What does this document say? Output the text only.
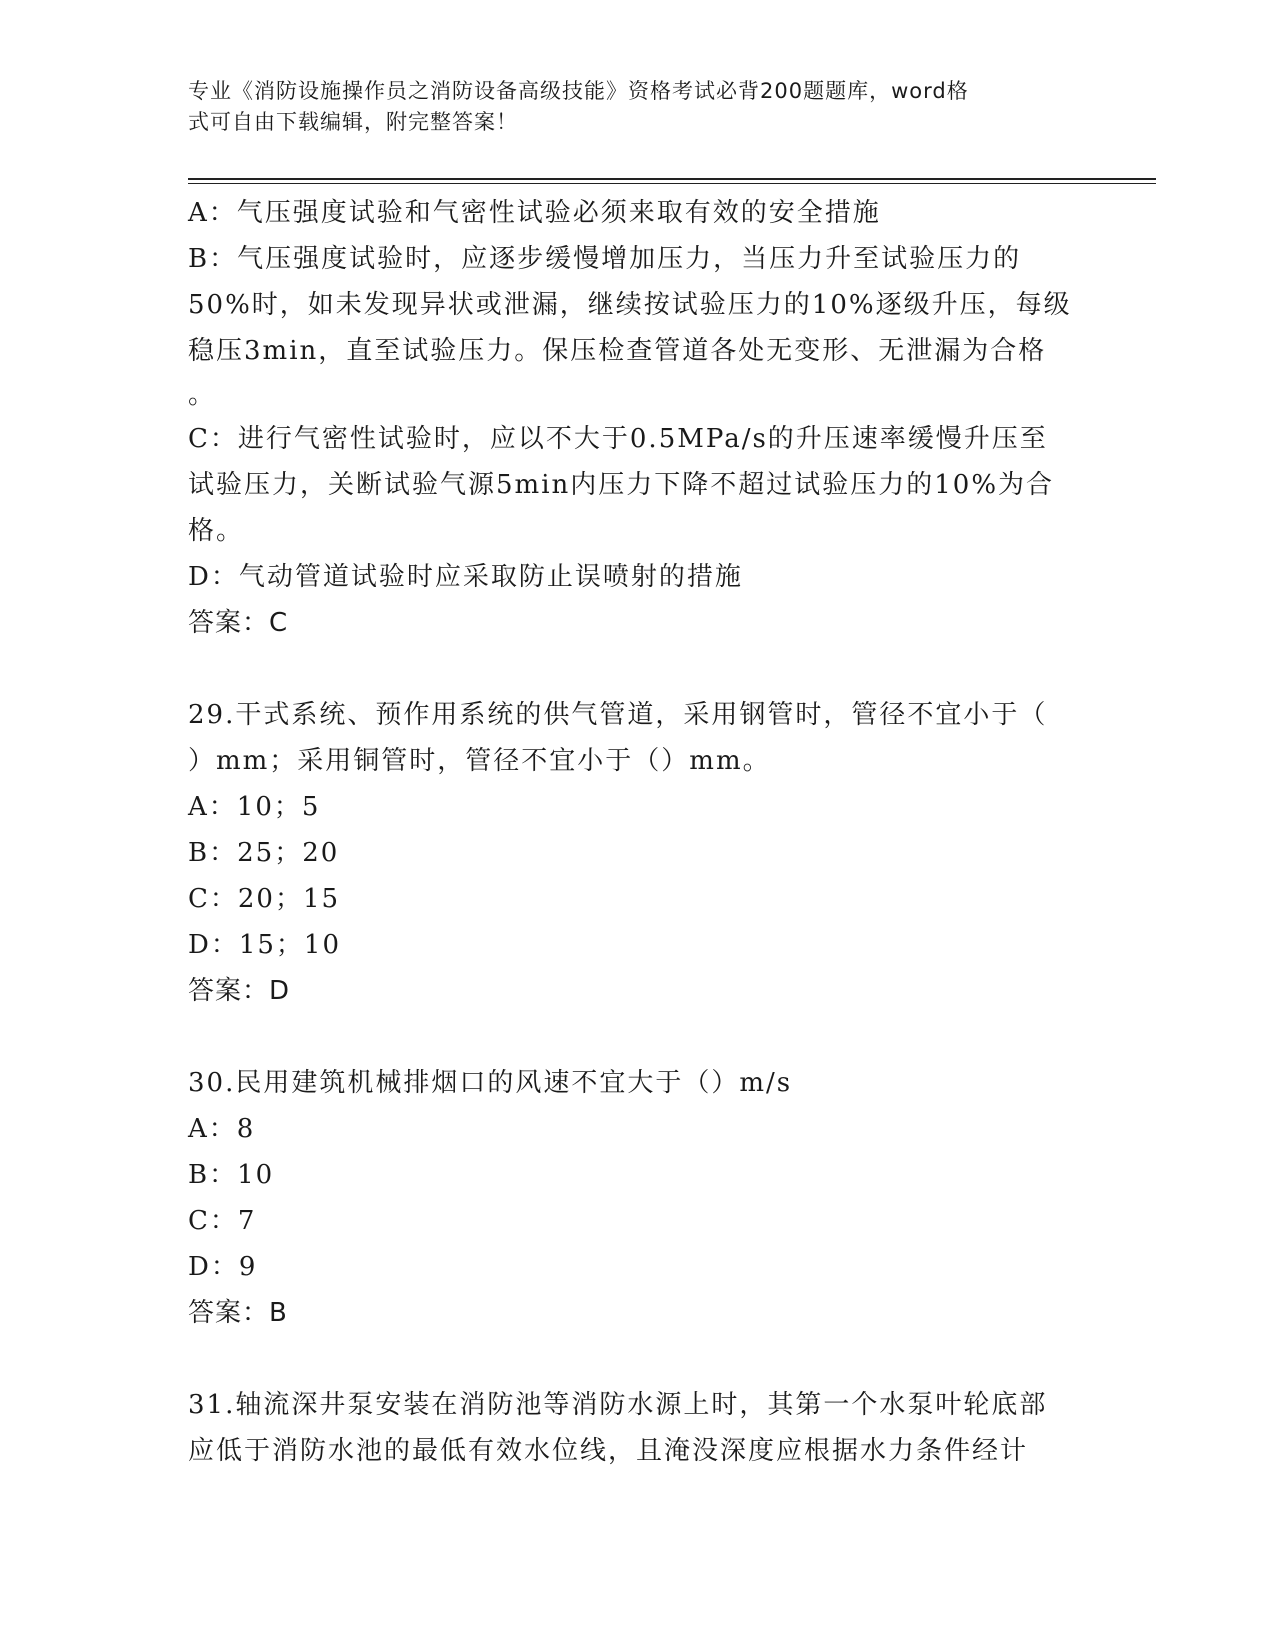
专业《消防设施操作员之消防设备高级技能》资格考试必背200题题库，word格
式可自由下载编辑，附完整答案！
A：气压强度试验和气密性试验必须来取有效的安全措施
B：气压强度试验时，应逐步缓慢增加压力，当压力升至试验压力的
50%时，如未发现异状或泄漏，继续按试验压力的10%逐级升压，每级
稳压3min，直至试验压力。保压检查管道各处无变形、无泄漏为合格
。
C：进行气密性试验时，应以不大于0.5MPa/s的升压速率缓慢升压至
试验压力，关断试验气源5min内压力下降不超过试验压力的10%为合
格。
D：气动管道试验时应采取防止误喷射的措施
答案：C
29.干式系统、预作用系统的供气管道，采用钢管时，管径不宜小于（
）mm；采用铜管时，管径不宜小于（）mm。
A：10；5
B：25；20
C：20；15
D：15；10
答案：D
30.民用建筑机械排烟口的风速不宜大于（）m/s
A：8
B：10
C：7
D：9
答案：B
31.轴流深井泵安装在消防池等消防水源上时，其第一个水泵叶轮底部
应低于消防水池的最低有效水位线，且淹没深度应根据水力条件经计
